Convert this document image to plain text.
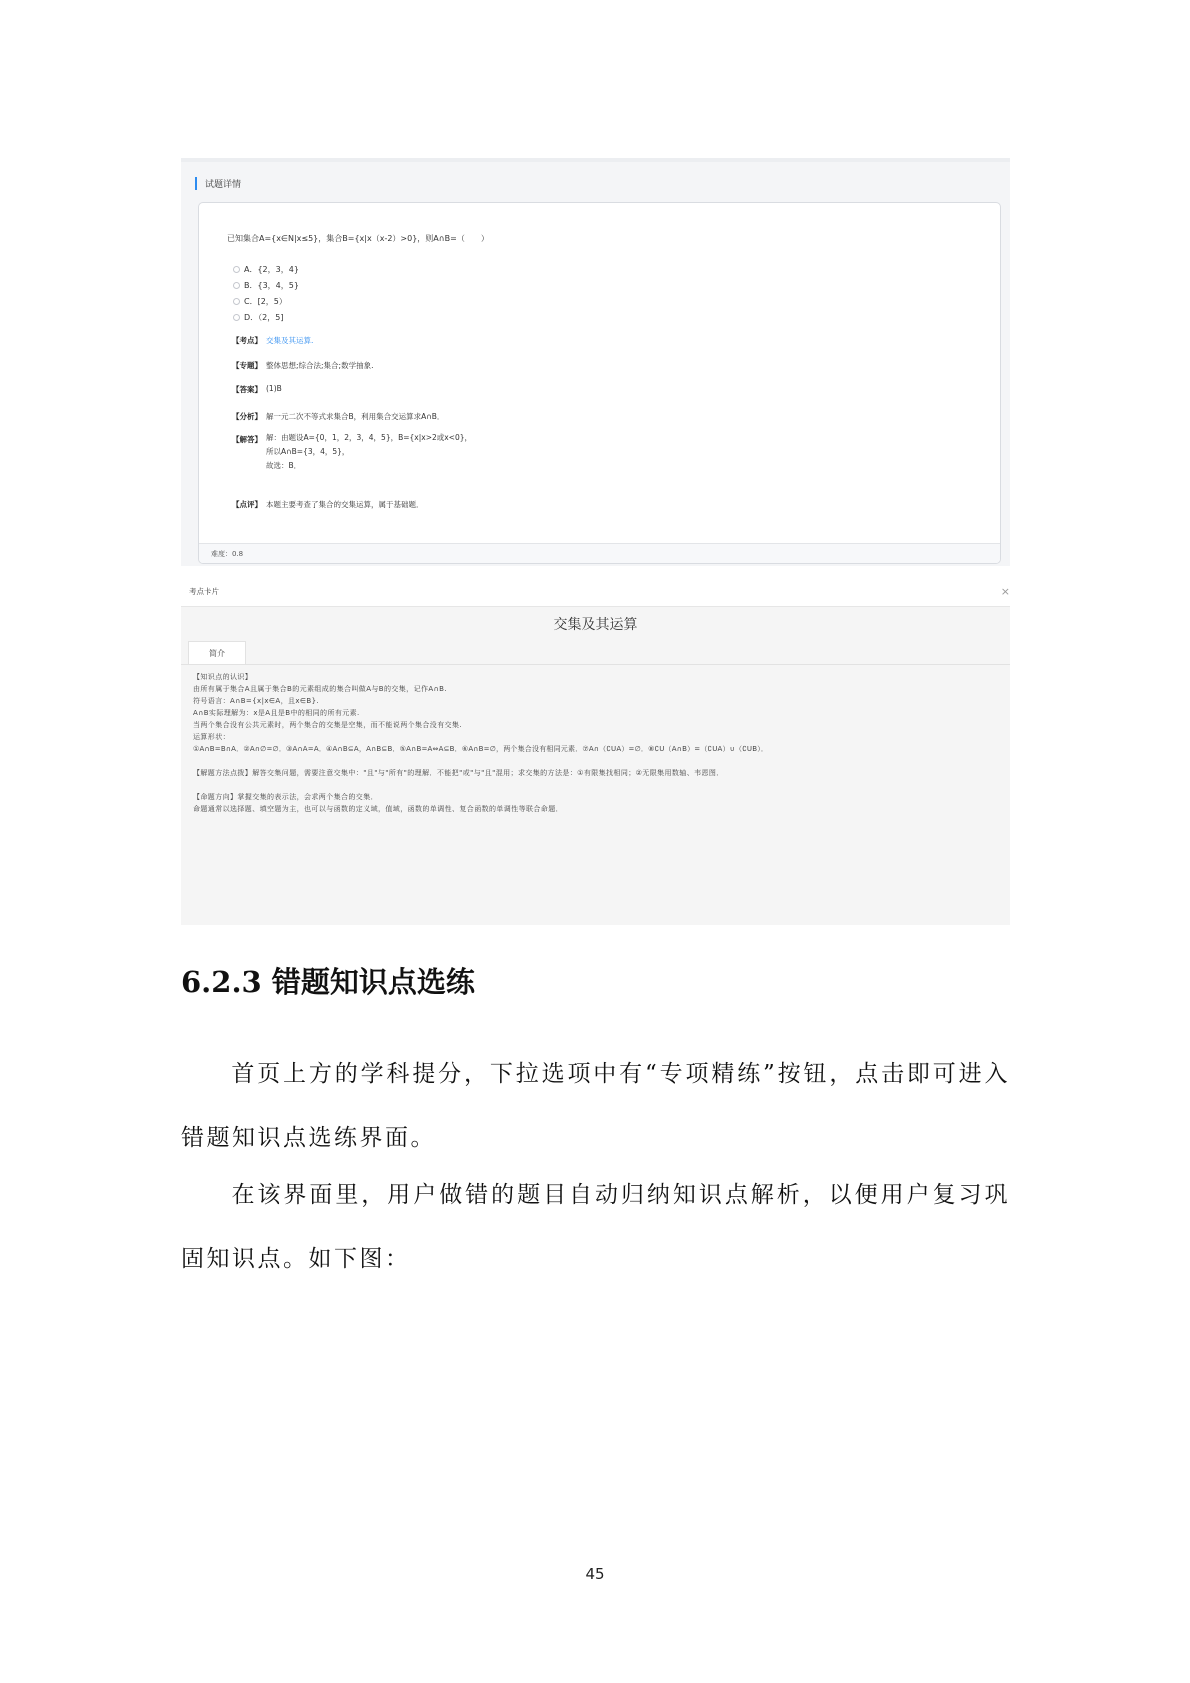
试题详情
已知集合A={x∈N|x≤5}，集合B={x|x（x-2）>0}，则A∩B=（　　）
A．{2，3，4}
B．{3，4，5}
C．[2，5）
D．（2，5]
【考点】 交集及其运算.
【专题】 整体思想;综合法;集合;数学抽象.
【答案】 (1)B
【分析】 解一元二次不等式求集合B，利用集合交运算求A∩B．
【解答】 解：由题设A={0，1，2，3，4，5}，B={x|x>2或x<0}，
所以A∩B={3，4，5}，
故选：B．
【点评】 本题主要考查了集合的交集运算，属于基础题．
难度：0.8
考点卡片	×
交集及其运算
简介
【知识点的认识】
由所有属于集合A且属于集合B的元素组成的集合叫做A与B的交集，记作A∩B.
符号语言：A∩B={x|x∈A，且x∈B}.
A∩B实际理解为：x是A且是B中的相同的所有元素.
当两个集合没有公共元素时，两个集合的交集是空集，而不能说两个集合没有交集.
运算形状：
①A∩B=B∩A．②A∩∅=∅．③A∩A=A．④A∩B⊆A，A∩B⊆B．⑤A∩B=A⇔A⊆B．⑥A∩B=∅，两个集合没有相同元素．⑦A∩（∁UA）=∅．⑧∁U（A∩B）=（∁UA）∪（∁UB）．
【解题方法点拨】解答交集问题，需要注意交集中："且"与"所有"的理解．不能把"或"与"且"混用；求交集的方法是：①有限集找相同；②无限集用数轴、韦恩图．
【命题方向】掌握交集的表示法，会求两个集合的交集．
命题通常以选择题、填空题为主，也可以与函数的定义域，值域，函数的单调性、复合函数的单调性等联合命题．
6.2.3 错题知识点选练
首页上方的学科提分，下拉选项中有“专项精练”按钮，点击即可进入错题知识点选练界面。
在该界面里，用户做错的题目自动归纳知识点解析，以便用户复习巩固知识点。如下图：
45
